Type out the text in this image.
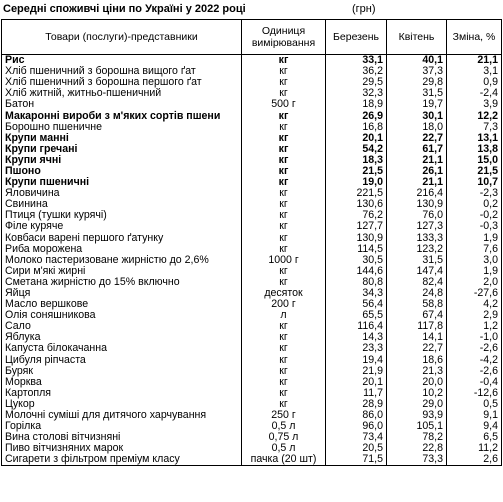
Середні споживчі ціни по Україні у 2022 році	(грн)
Товари (послуги)-представники	Одиниця вимірювання	Березень	Квітень	Зміна, %
Рис	кг	33,1	40,1	21,1
Хліб пшеничний з борошна вищого ґат	кг	36,2	37,3	3,1
Хліб пшеничний з борошна першого ґат	кг	29,5	29,8	0,9
Хліб житній, житньо-пшеничний	кг	32,3	31,5	-2,4
Батон	500 г	18,9	19,7	3,9
Макаронні вироби з м'яких сортів пшени	кг	26,9	30,1	12,2
Борошно пшеничне	кг	16,8	18,0	7,3
Крупи манні	кг	20,1	22,7	13,1
Крупи гречані	кг	54,2	61,7	13,8
Крупи ячні	кг	18,3	21,1	15,0
Пшоно	кг	21,5	26,1	21,5
Крупи пшеничні	кг	19,0	21,1	10,7
Яловичина	кг	221,5	216,4	-2,3
Свинина	кг	130,6	130,9	0,2
Птиця (тушки курячі)	кг	76,2	76,0	-0,2
Філе куряче	кг	127,7	127,3	-0,3
Ковбаси варені першого ґатунку	кг	130,9	133,3	1,9
Риба морожена	кг	114,5	123,2	7,6
Молоко пастеризоване жирністю до 2,6%	1000 г	30,5	31,5	3,0
Сири м'які жирні	кг	144,6	147,4	1,9
Сметана жирністю до 15% включно	кг	80,8	82,4	2,0
Яйця	десяток	34,3	24,8	-27,6
Масло вершкове	200 г	56,4	58,8	4,2
Олія соняшникова	л	65,5	67,4	2,9
Сало	кг	116,4	117,8	1,2
Яблука	кг	14,3	14,1	-1,0
Капуста білокачанна	кг	23,3	22,7	-2,6
Цибуля ріпчаста	кг	19,4	18,6	-4,2
Буряк	кг	21,9	21,3	-2,6
Морква	кг	20,1	20,0	-0,4
Картопля	кг	11,7	10,2	-12,6
Цукор	кг	28,9	29,0	0,5
Молочні суміші для дитячого харчування	250 г	86,0	93,9	9,1
Горілка	0,5 л	96,0	105,1	9,4
Вина столові вітчизняні	0,75 л	73,4	78,2	6,5
Пиво вітчизняних марок	0,5 л	20,5	22,8	11,2
Сигарети з фільтром преміум класу	пачка (20 шт)	71,5	73,3	2,6
